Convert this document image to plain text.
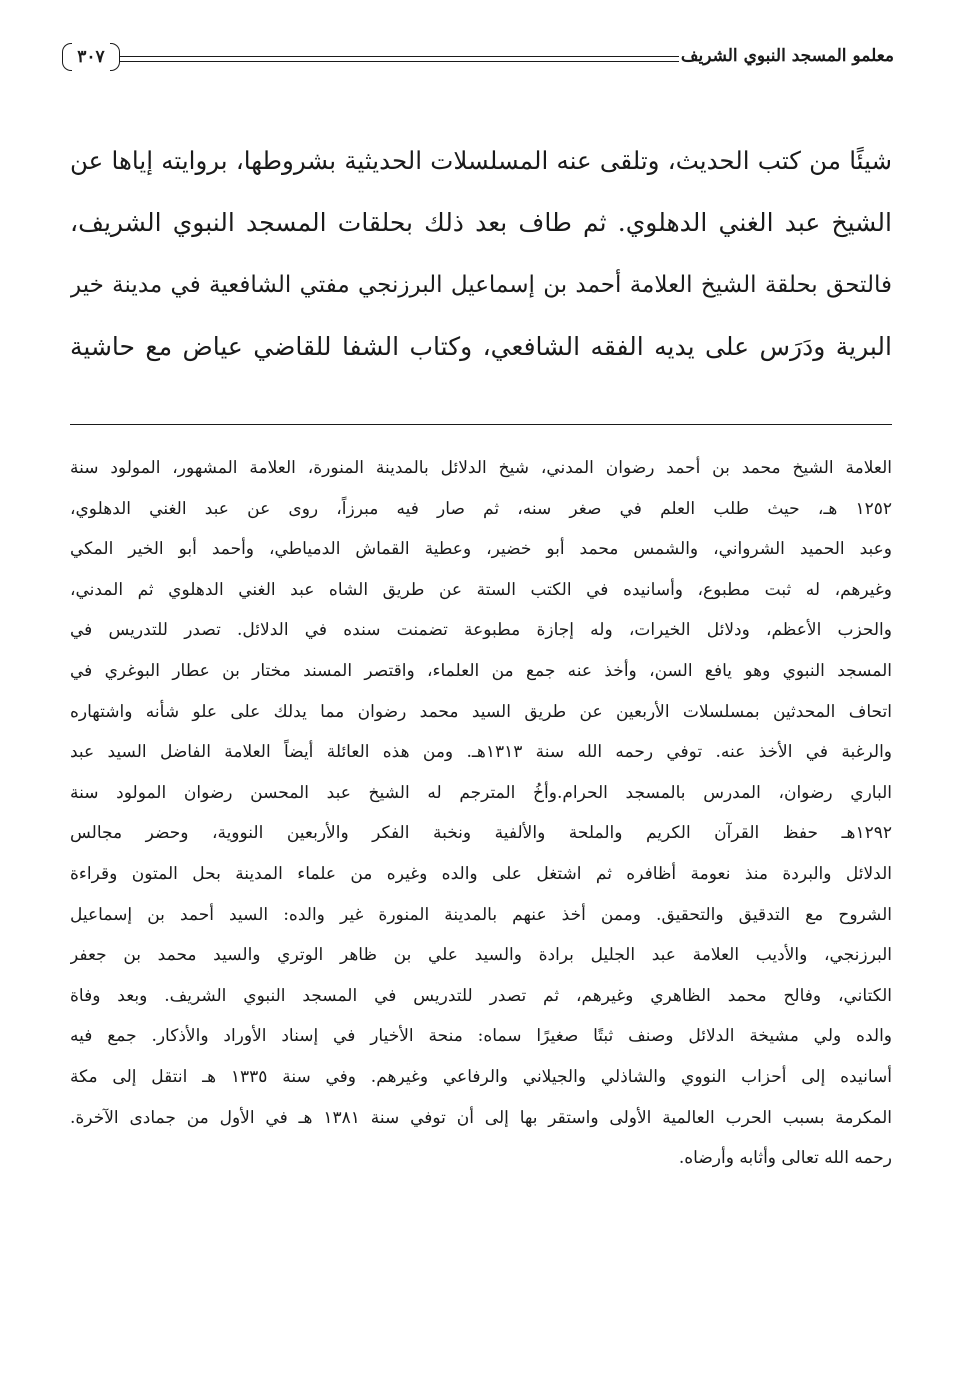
معلمو المسجد النبوي الشريف
٣٠٧
شيئًا من كتب الحديث، وتلقى عنه المسلسلات الحديثية بشروطها، بروايته إياها عن
الشيخ عبد الغني الدهلوي. ثم طاف بعد ذلك بحلقات المسجد النبوي الشريف،
فالتحق بحلقة الشيخ العلامة أحمد بن إسماعيل البرزنجي مفتي الشافعية في مدينة خير
البرية ودَرَس على يديه الفقه الشافعي، وكتاب الشفا للقاضي عياض مع حاشية
العلامة الشيخ محمد بن أحمد رضوان المدني، شيخ الدلائل بالمدينة المنورة، العلامة المشهور، المولود سنة
١٢٥٢ هـ، حيث طلب العلم في صغر سنه، ثم صار فيه مبرزاً، روى عن عبد الغني الدهلوي،
وعبد الحميد الشرواني، والشمس محمد أبو خضير، وعطية القماش الدمياطي، وأحمد أبو الخير المكي
وغيرهم، له ثبت مطبوع، وأسانيده في الكتب الستة عن طريق الشاه عبد الغني الدهلوي ثم المدني،
والحزب الأعظم، ودلائل الخيرات، وله إجازة مطبوعة تضمنت سنده في الدلائل. تصدر للتدريس في
المسجد النبوي وهو يافع السن، وأخذ عنه جمع من العلماء، واقتصر المسند مختار بن عطار البوغري في
اتحاف المحدثين بمسلسلات الأربعين عن طريق السيد محمد رضوان مما يدلك على علو شأنه واشتهاره
والرغبة في الأخذ عنه. توفي رحمه الله سنة ١٣١٣هـ. ومن هذه العائلة أيضاً العلامة الفاضل السيد عبد
الباري رضوان، المدرس بالمسجد الحرام.وأخُ المترجم له الشيخ عبد المحسن رضوان المولود سنة
١٢٩٢هـ حفظ القرآن الكريم والملحة والألفية ونخبة الفكر والأربعين النووية، وحضر مجالس
الدلائل والبردة منذ نعومة أظافره ثم اشتغل على والده وغيره من علماء المدينة بحل المتون وقراءة
الشروح مع التدقيق والتحقيق. وممن أخذ عنهم بالمدينة المنورة غير والده: السيد أحمد بن إسماعيل
البرزنجي، والأديب العلامة عبد الجليل برادة والسيد علي بن ظاهر الوتري والسيد محمد بن جعفر
الكتاني، وفالح محمد الظاهري وغيرهم، ثم تصدر للتدريس في المسجد النبوي الشريف. وبعد وفاة
والده ولي مشيخة الدلائل وصنف ثبتًا صغيرًا سماه: منحة الأخيار في إسناد الأوراد والأذكار. جمع فيه
أسانيده إلى أحزاب النووي والشاذلي والجيلاني والرفاعي وغيرهم. وفي سنة ١٣٣٥ هـ انتقل إلى مكة
المكرمة بسبب الحرب العالمية الأولى واستقر بها إلى أن توفي سنة ١٣٨١ هـ في الأول من جمادى الآخرة.
رحمه الله تعالى وأثابه وأرضاه.
